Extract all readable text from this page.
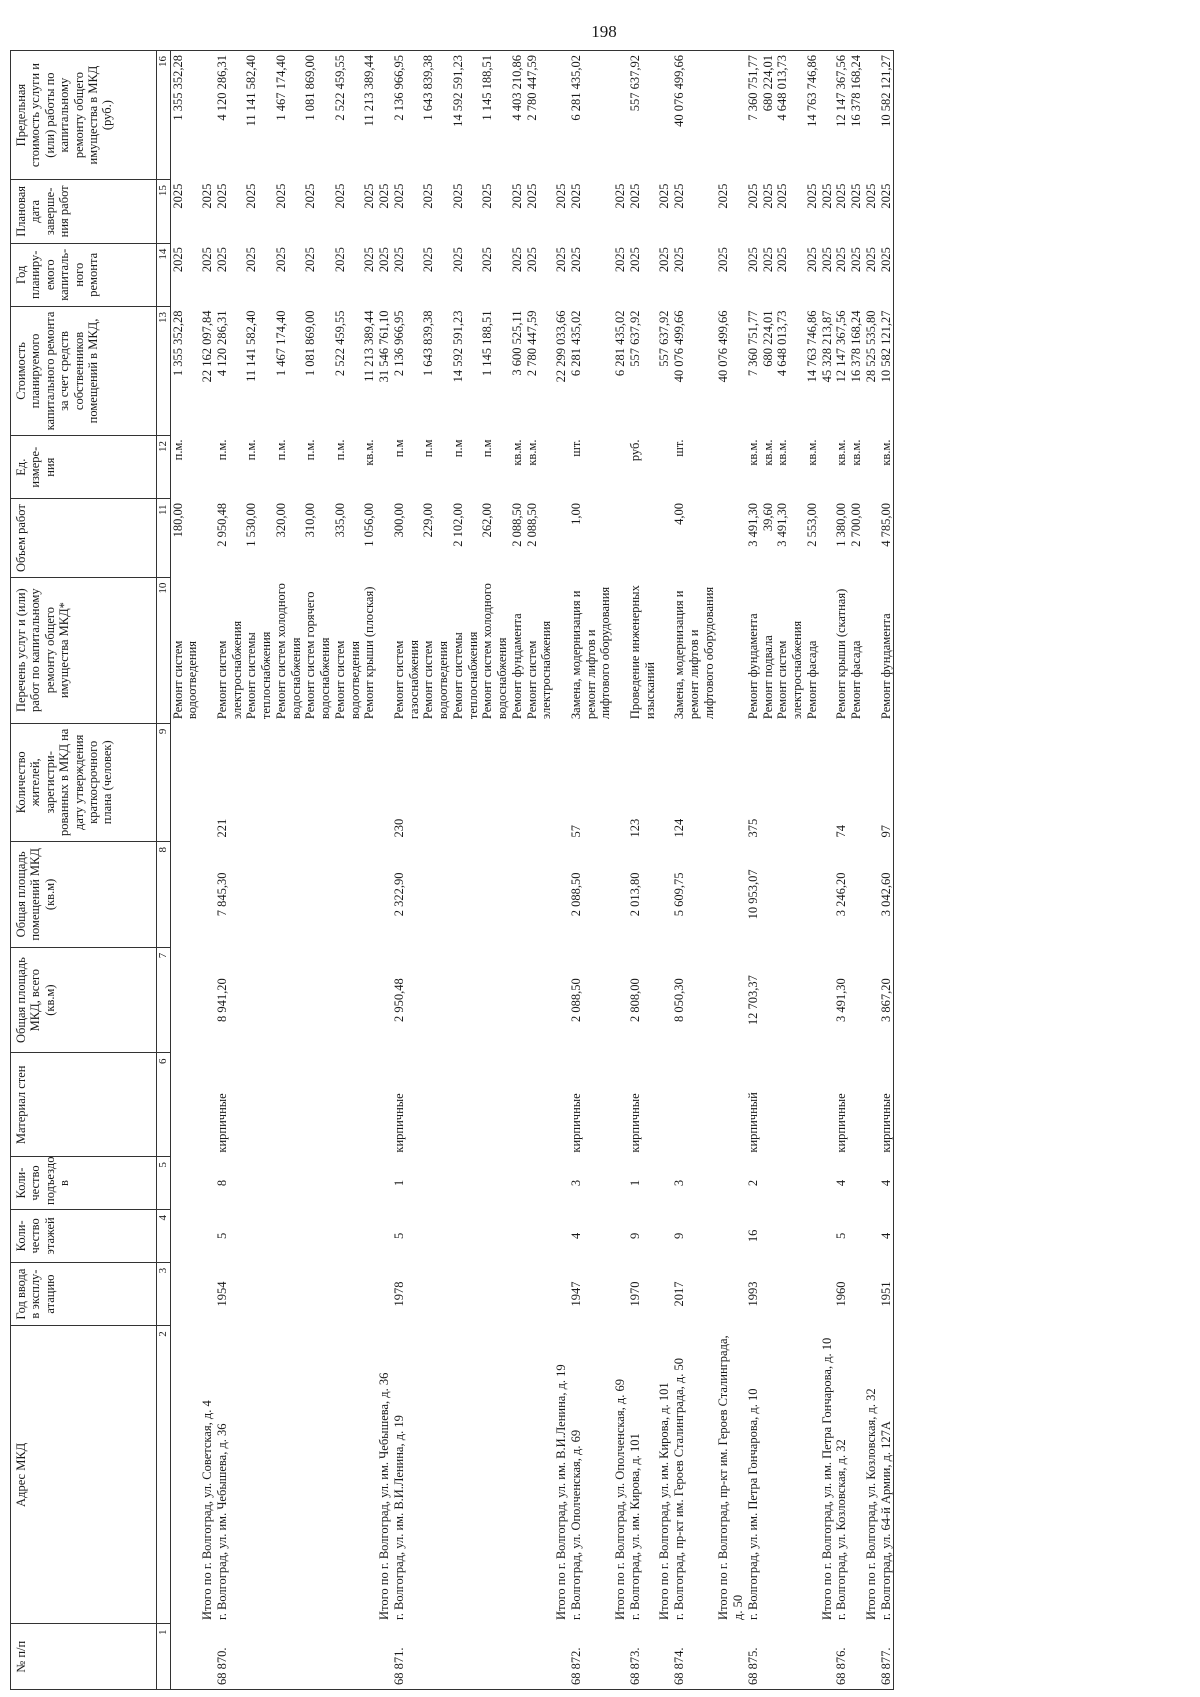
198
№ п/п	Адрес МКД	Год ввода в эксплу-атацию	Коли-чество этажей	Коли-чество подъездо в	Материал стен	Общая площадь МКД, всего (кв.м)	Общая площадь помещений МКД (кв.м)	Количество жителей, зарегистри-рованных в МКД на дату утверждения краткосрочного плана (человек)	Перечень услуг и (или) работ по капитальному ремонту общего имущества МКД*	Объем работ	Ед. измере-ния	Стоимость планируемого капитального ремонта за счет средств собственников помещений в МКД,	Год планиру-емого капиталь-ного ремонта	Плановая дата заверше-ния работ	Предельная стоимость услуги и (или) работы по капитальному ремонту общего имущества в МКД (руб.)
1	2	3	4	5	6	7	8	9	10	11	12	13	14	15	16
									Ремонт систем водоотведения	180,00	п.м.	1 355 352,28	2025	2025	1 355 352,28
	Итого по г. Волгоград, ул. Советская, д. 4											22 162 097,84	2025	2025	
68 870.	г. Волгоград, ул. им. Чебышева, д. 36	1954	5	8	кирпичные	8 941,20	7 845,30	221	Ремонт систем электроснабжения	2 950,48	п.м.	4 120 286,31	2025	2025	4 120 286,31
									Ремонт системы теплоснабжения	1 530,00	п.м.	11 141 582,40	2025	2025	11 141 582,40
									Ремонт систем холодного водоснабжения	320,00	п.м.	1 467 174,40	2025	2025	1 467 174,40
									Ремонт систем горячего водоснабжения	310,00	п.м.	1 081 869,00	2025	2025	1 081 869,00
									Ремонт систем водоотведения	335,00	п.м.	2 522 459,55	2025	2025	2 522 459,55
									Ремонт крыши (плоская)	1 056,00	кв.м.	11 213 389,44	2025	2025	11 213 389,44
	Итого по г. Волгоград, ул. им. Чебышева, д. 36											31 546 761,10	2025	2025	
68 871.	г. Волгоград, ул. им. В.И.Ленина, д. 19	1978	5	1	кирпичные	2 950,48	2 322,90	230	Ремонт систем газоснабжения	300,00	п.м	2 136 966,95	2025	2025	2 136 966,95
									Ремонт систем водоотведения	229,00	п.м	1 643 839,38	2025	2025	1 643 839,38
									Ремонт системы теплоснабжения	2 102,00	п.м	14 592 591,23	2025	2025	14 592 591,23
									Ремонт систем холодного водоснабжения	262,00	п.м	1 145 188,51	2025	2025	1 145 188,51
									Ремонт фундамента	2 088,50	кв.м.	3 600 525,11	2025	2025	4 403 210,86
									Ремонт систем электроснабжения	2 088,50	кв.м.	2 780 447,59	2025	2025	2 780 447,59
	Итого по г. Волгоград, ул. им. В.И.Ленина, д. 19											22 299 033,66	2025	2025	
68 872.	г. Волгоград, ул. Ополченская, д. 69	1947	4	3	кирпичные	2 088,50	2 088,50	57	Замена, модернизация и ремонт лифтов и лифтового оборудования	1,00	шт.	6 281 435,02	2025	2025	6 281 435,02
	Итого по г. Волгоград, ул. Ополченская, д. 69											6 281 435,02	2025	2025	
68 873.	г. Волгоград, ул. им. Кирова, д. 101	1970	9	1	кирпичные	2 808,00	2 013,80	123	Проведение инженерных изысканий		руб.	557 637,92	2025	2025	557 637,92
	Итого по г. Волгоград, ул. им. Кирова, д. 101											557 637,92	2025	2025	
68 874.	г. Волгоград, пр-кт им. Героев Сталинграда, д. 50	2017	9	3		8 050,30	5 609,75	124	Замена, модернизация и ремонт лифтов и лифтового оборудования	4,00	шт.	40 076 499,66	2025	2025	40 076 499,66
	Итого по г. Волгоград, пр-кт им. Героев Сталинграда, д. 50											40 076 499,66	2025	2025	
68 875.	г. Волгоград, ул. им. Петра Гончарова, д. 10	1993	16	2	кирпичный	12 703,37	10 953,07	375	Ремонт фундамента	3 491,30	кв.м.	7 360 751,77	2025	2025	7 360 751,77
									Ремонт подвала	39,60	кв.м.	680 224,01	2025	2025	680 224,01
									Ремонт систем электроснабжения	3 491,30	кв.м.	4 648 013,73	2025	2025	4 648 013,73
									Ремонт фасада	2 553,00	кв.м.	14 763 746,86	2025	2025	14 763 746,86
	Итого по г. Волгоград, ул. им. Петра Гончарова, д. 10											45 328 213,87	2025	2025	
68 876.	г. Волгоград, ул. Козловская, д. 32	1960	5	4	кирпичные	3 491,30	3 246,20	74	Ремонт крыши (скатная)	1 380,00	кв.м.	12 147 367,56	2025	2025	12 147 367,56
									Ремонт фасада	2 700,00	кв.м.	16 378 168,24	2025	2025	16 378 168,24
	Итого по г. Волгоград, ул. Козловская, д. 32											28 525 535,80	2025	2025	
68 877.	г. Волгоград, ул. 64-й Армии, д. 127А	1951	4	4	кирпичные	3 867,20	3 042,60	97	Ремонт фундамента	4 785,00	кв.м.	10 582 121,27	2025	2025	10 582 121,27
